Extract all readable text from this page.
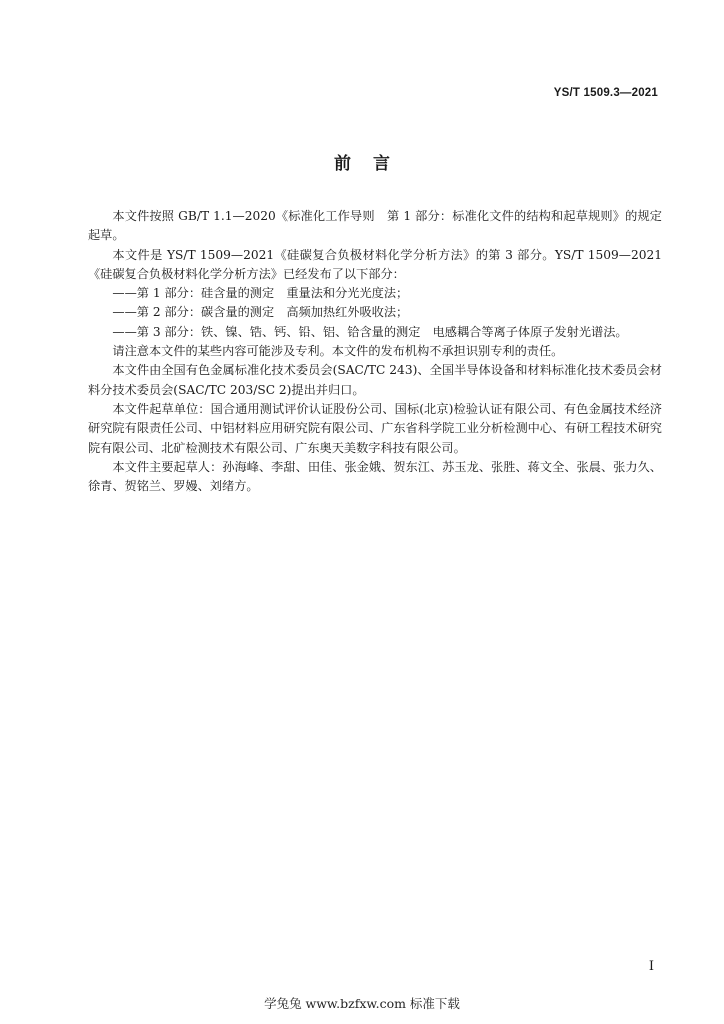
YS/T 1509.3—2021
前言

本文件按照 GB/T 1.1—2020《标准化工作导则　第 1 部分：标准化文件的结构和起草规则》的规定起草。

本文件是 YS/T 1509—2021《硅碳复合负极材料化学分析方法》的第 3 部分。YS/T 1509—2021《硅碳复合负极材料化学分析方法》已经发布了以下部分：

——第 1 部分：硅含量的测定　重量法和分光光度法；

——第 2 部分：碳含量的测定　高频加热红外吸收法；

——第 3 部分：铁、镍、锆、钙、铅、铝、铪含量的测定　电感耦合等离子体原子发射光谱法。

请注意本文件的某些内容可能涉及专利。本文件的发布机构不承担识别专利的责任。

本文件由全国有色金属标准化技术委员会(SAC/TC 243)、全国半导体设备和材料标准化技术委员会材料分技术委员会(SAC/TC 203/SC 2)提出并归口。

本文件起草单位：国合通用测试评价认证股份公司、国标(北京)检验认证有限公司、有色金属技术经济研究院有限责任公司、中铝材料应用研究院有限公司、广东省科学院工业分析检测中心、有研工程技术研究院有限公司、北矿检测技术有限公司、广东奥天美数字科技有限公司。

本文件主要起草人：孙海峰、李甜、田佳、张金娥、贺东江、苏玉龙、张胜、蒋文全、张晨、张力久、徐青、贺铭兰、罗嫚、刘绪方。

I
学兔兔 www.bzfxw.com 标准下载
